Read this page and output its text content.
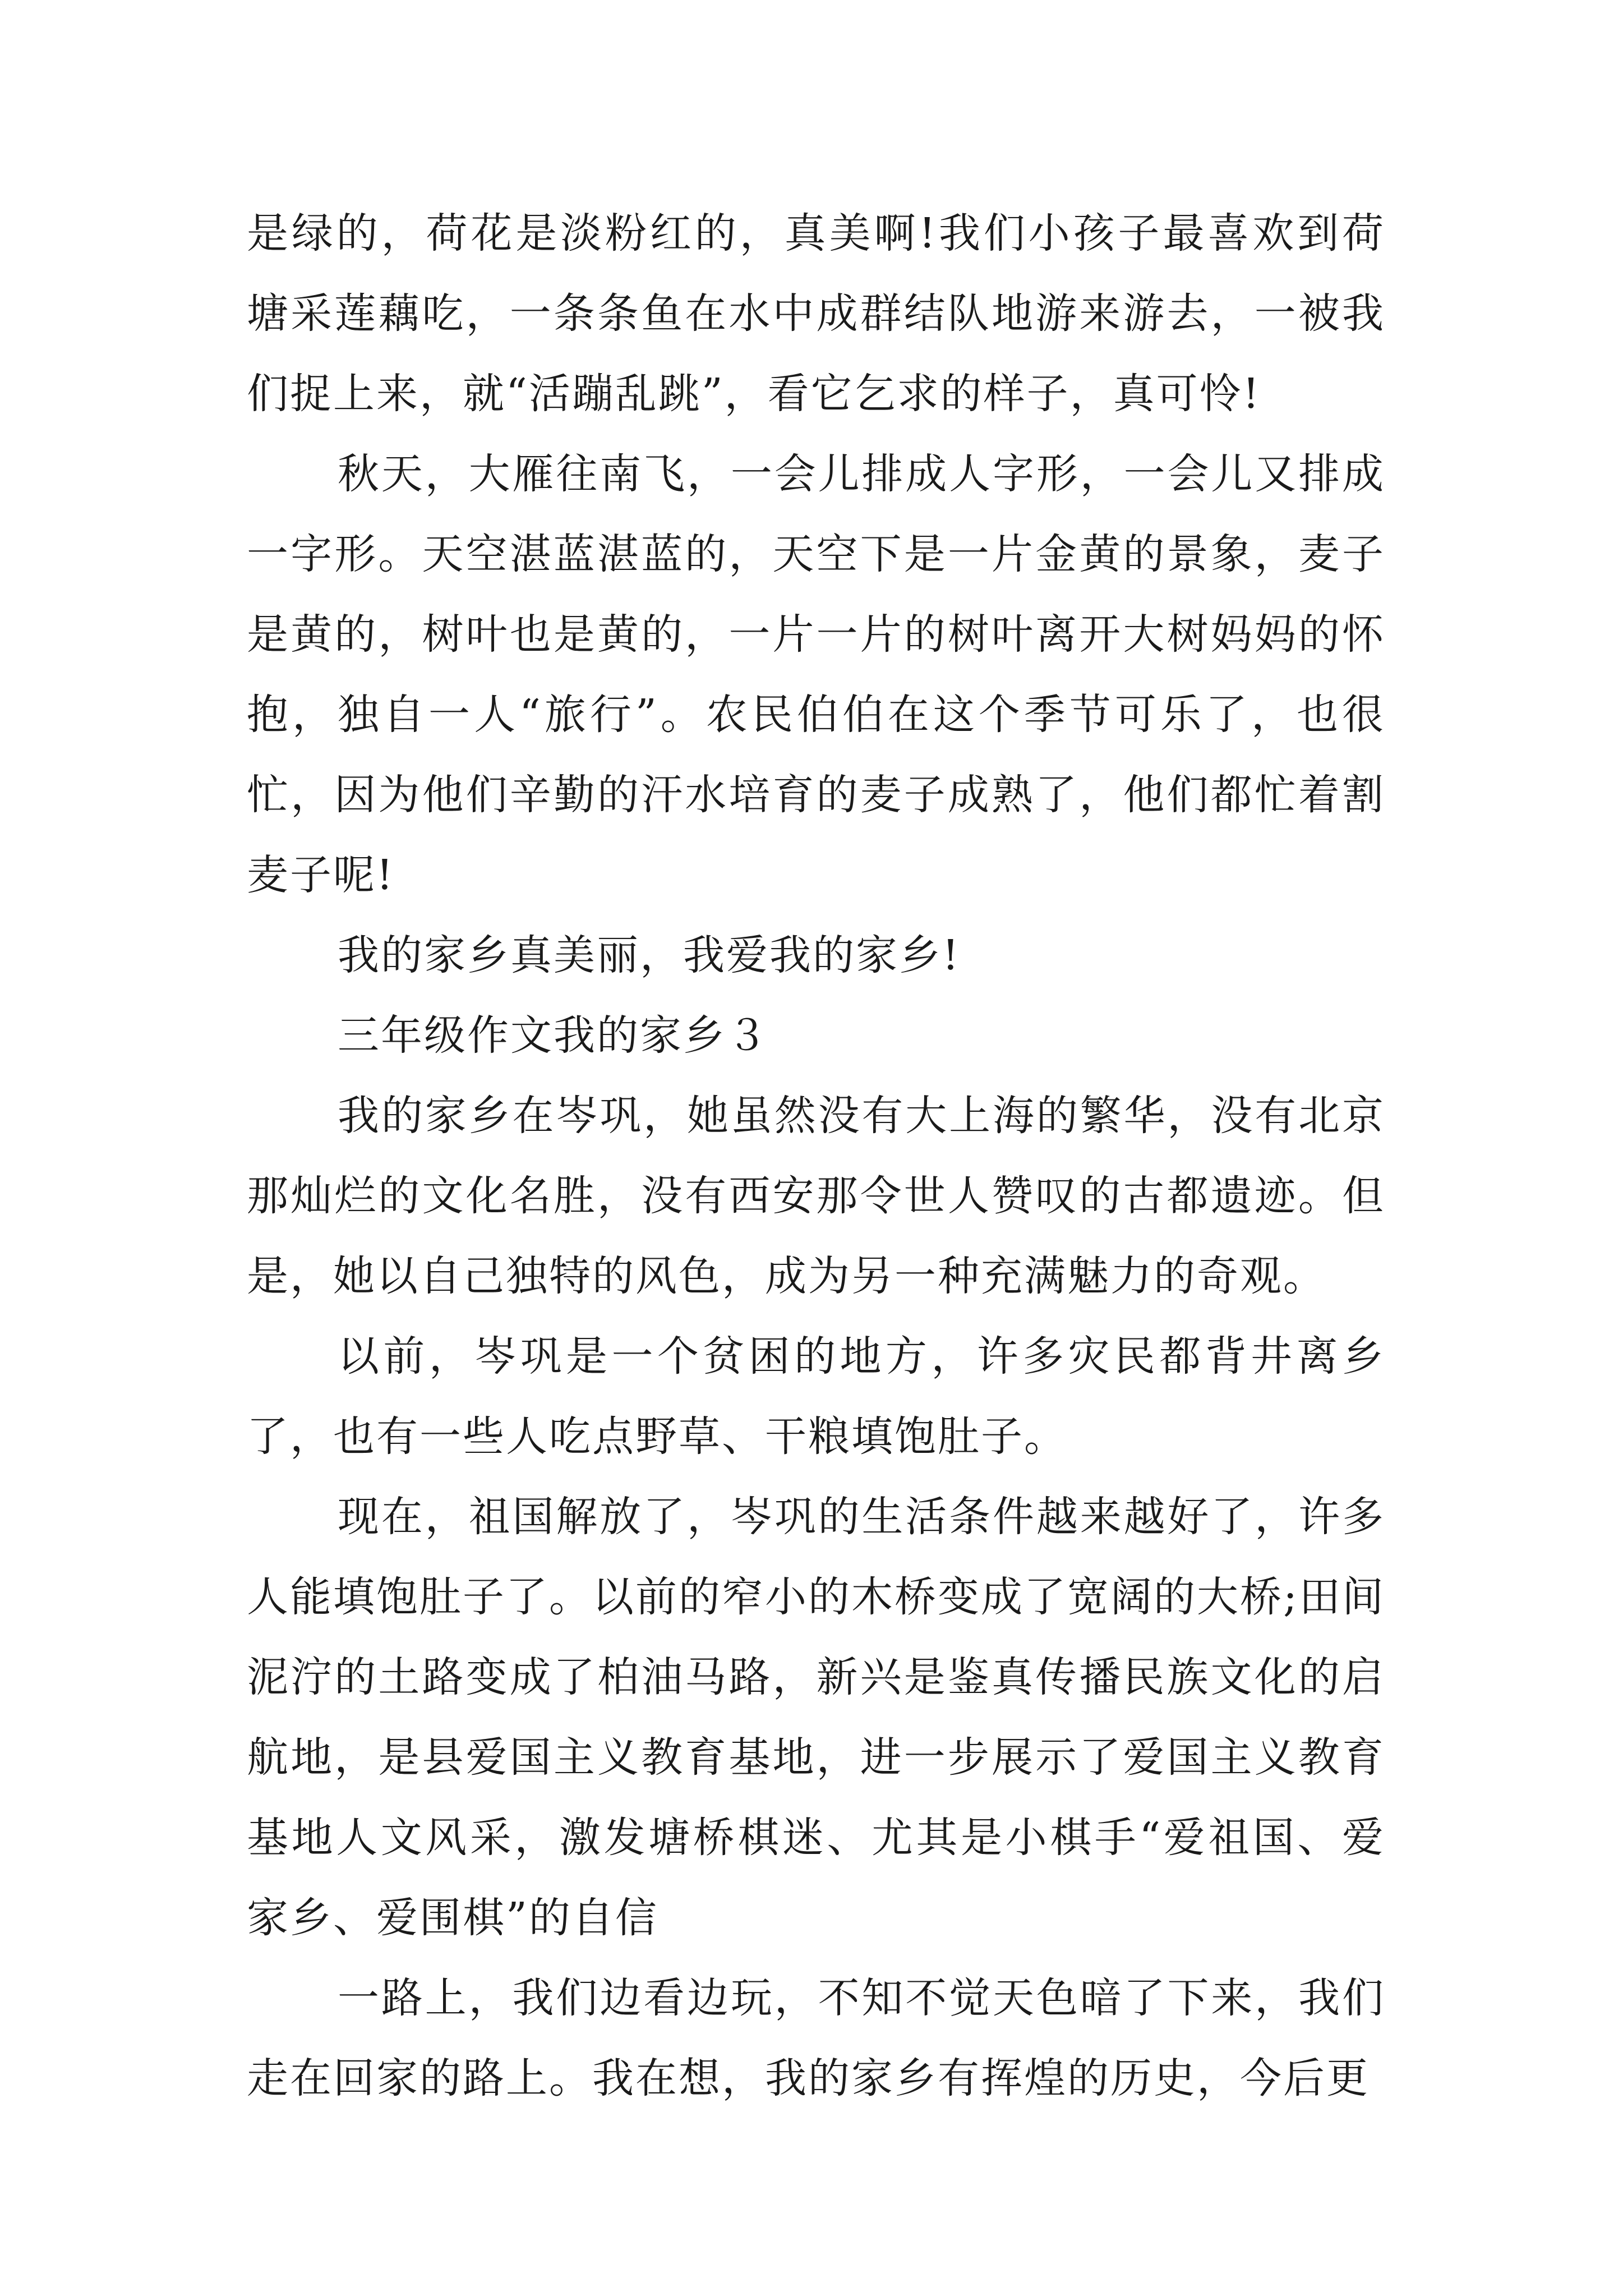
是绿的，荷花是淡粉红的，真美啊!我们小孩子最喜欢到荷塘采莲藕吃，一条条鱼在水中成群结队地游来游去，一被我们捉上来，就“活蹦乱跳”，看它乞求的样子，真可怜!

秋天，大雁往南飞，一会儿排成人字形，一会儿又排成一字形。天空湛蓝湛蓝的，天空下是一片金黄的景象，麦子是黄的，树叶也是黄的，一片一片的树叶离开大树妈妈的怀抱，独自一人“旅行”。农民伯伯在这个季节可乐了，也很忙，因为他们辛勤的汗水培育的麦子成熟了，他们都忙着割麦子呢!

我的家乡真美丽，我爱我的家乡!

三年级作文我的家乡３

我的家乡在岑巩，她虽然没有大上海的繁华，没有北京那灿烂的文化名胜，没有西安那令世人赞叹的古都遗迹。但是，她以自己独特的风色，成为另一种充满魅力的奇观。

以前，岑巩是一个贫困的地方，许多灾民都背井离乡了，也有一些人吃点野草、干粮填饱肚子。

现在，祖国解放了，岑巩的生活条件越来越好了，许多人能填饱肚子了。以前的窄小的木桥变成了宽阔的大桥;田间泥泞的土路变成了柏油马路，新兴是鉴真传播民族文化的启航地，是县爱国主义教育基地，进一步展示了爱国主义教育基地人文风采，激发塘桥棋迷、尤其是小棋手“爱祖国、爱家乡、爱围棋”的自信

一路上，我们边看边玩，不知不觉天色暗了下来，我们走在回家的路上。我在想，我的家乡有挥煌的历史，今后更
